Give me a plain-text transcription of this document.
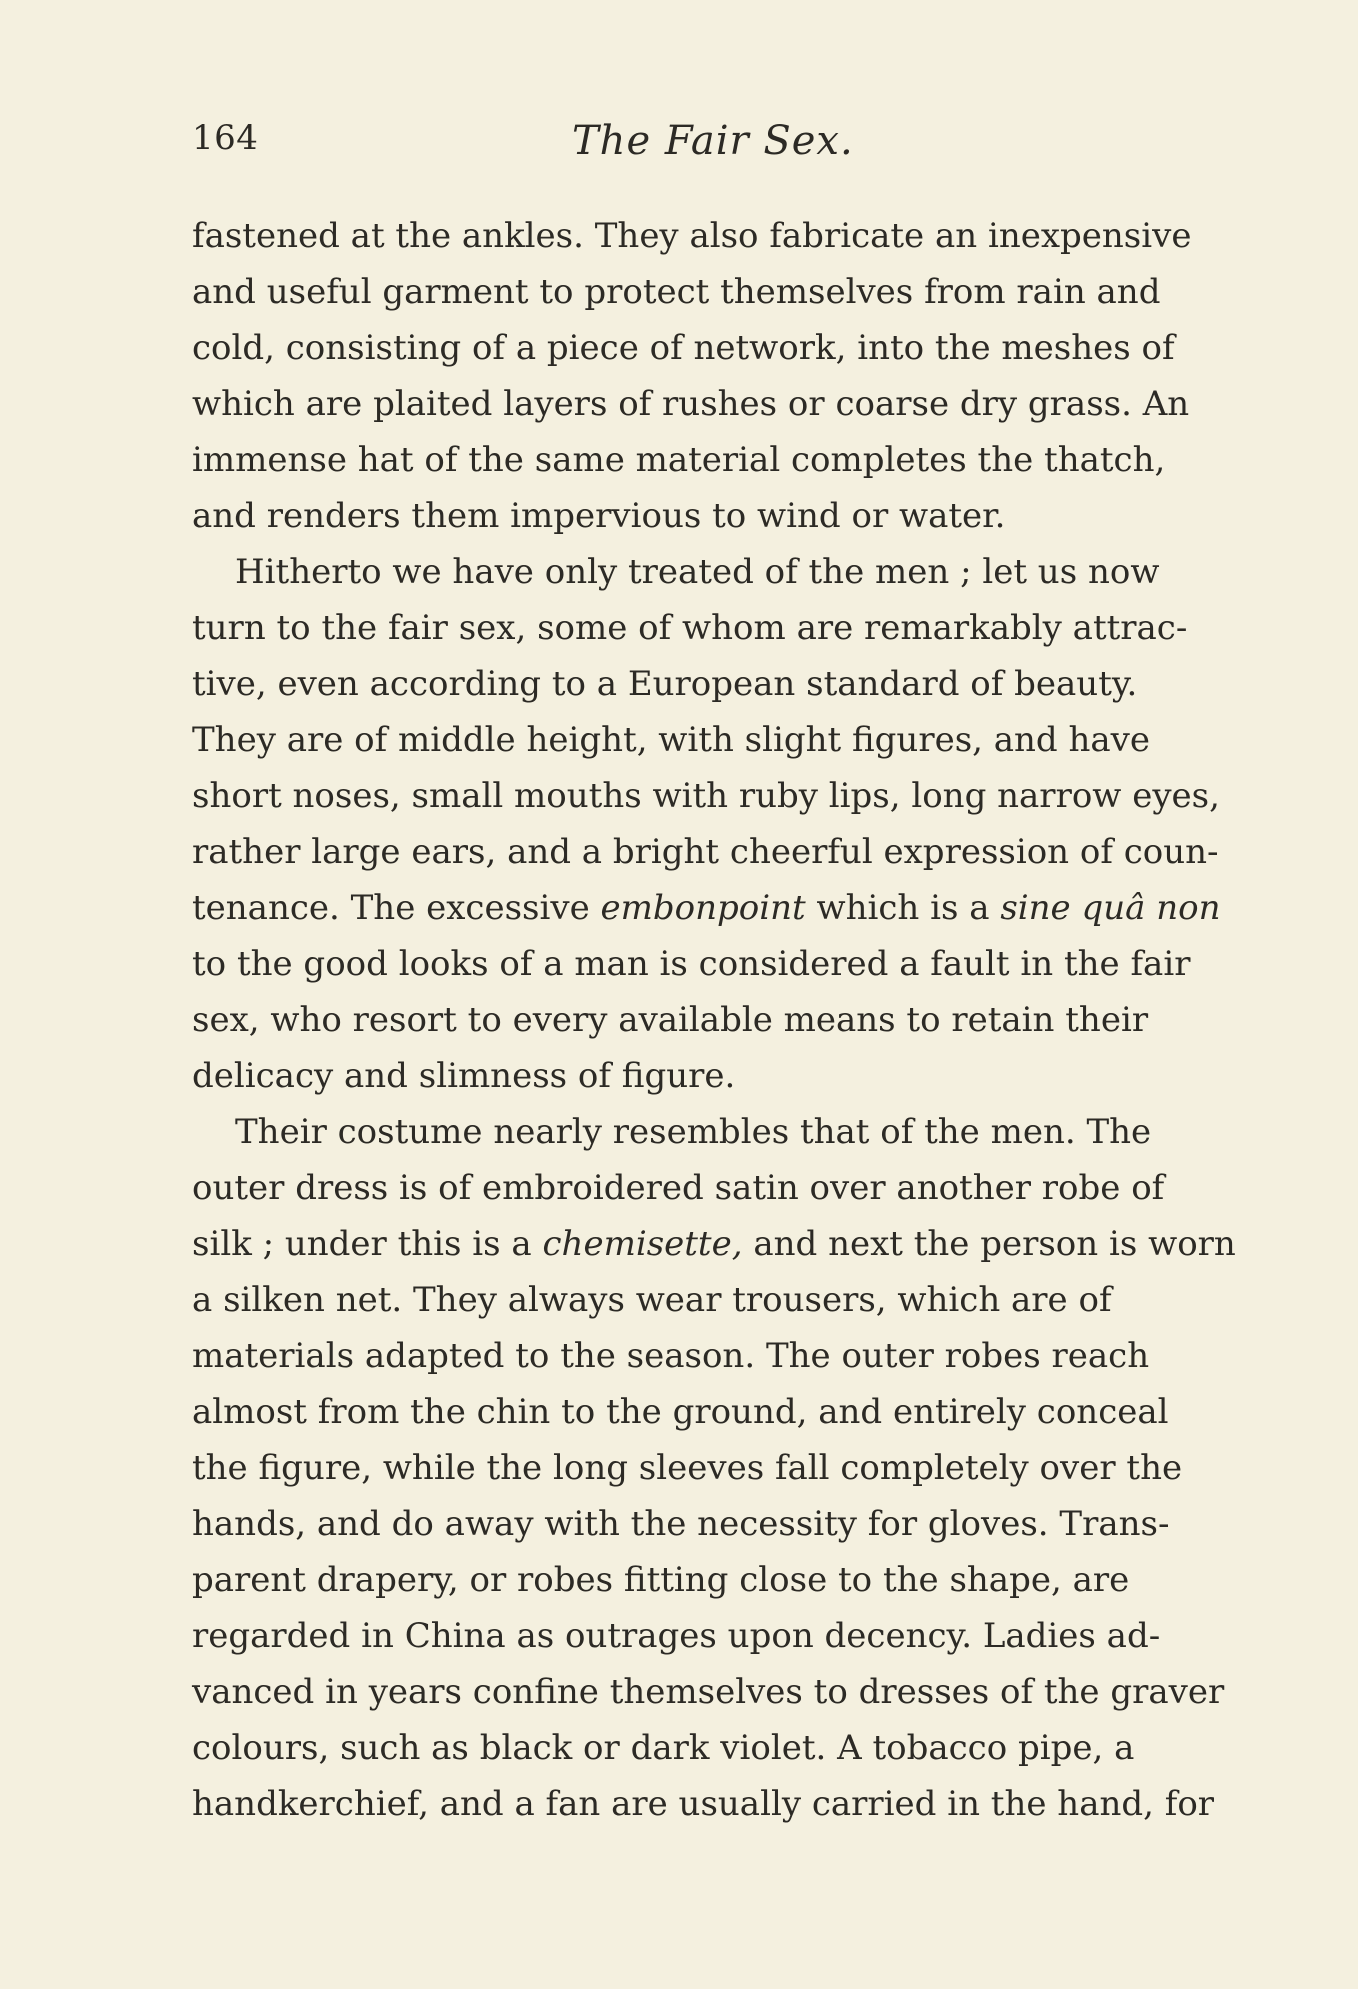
164	The Fair Sex.
fastened at the ankles. They also fabricate an inexpensive
and useful garment to protect themselves from rain and
cold, consisting of a piece of network, into the meshes of
which are plaited layers of rushes or coarse dry grass. An
immense hat of the same material completes the thatch,
and renders them impervious to wind or water.
Hitherto we have only treated of the men ; let us now
turn to the fair sex, some of whom are remarkably attrac-
tive, even according to a European standard of beauty.
They are of middle height, with slight figures, and have
short noses, small mouths with ruby lips, long narrow eyes,
rather large ears, and a bright cheerful expression of coun-
tenance. The excessive embonpoint which is a sine quâ non
to the good looks of a man is considered a fault in the fair
sex, who resort to every available means to retain their
delicacy and slimness of figure.
Their costume nearly resembles that of the men. The
outer dress is of embroidered satin over another robe of
silk ; under this is a chemisette, and next the person is worn
a silken net. They always wear trousers, which are of
materials adapted to the season. The outer robes reach
almost from the chin to the ground, and entirely conceal
the figure, while the long sleeves fall completely over the
hands, and do away with the necessity for gloves. Trans-
parent drapery, or robes fitting close to the shape, are
regarded in China as outrages upon decency. Ladies ad-
vanced in years confine themselves to dresses of the graver
colours, such as black or dark violet. A tobacco pipe, a
handkerchief, and a fan are usually carried in the hand, for
